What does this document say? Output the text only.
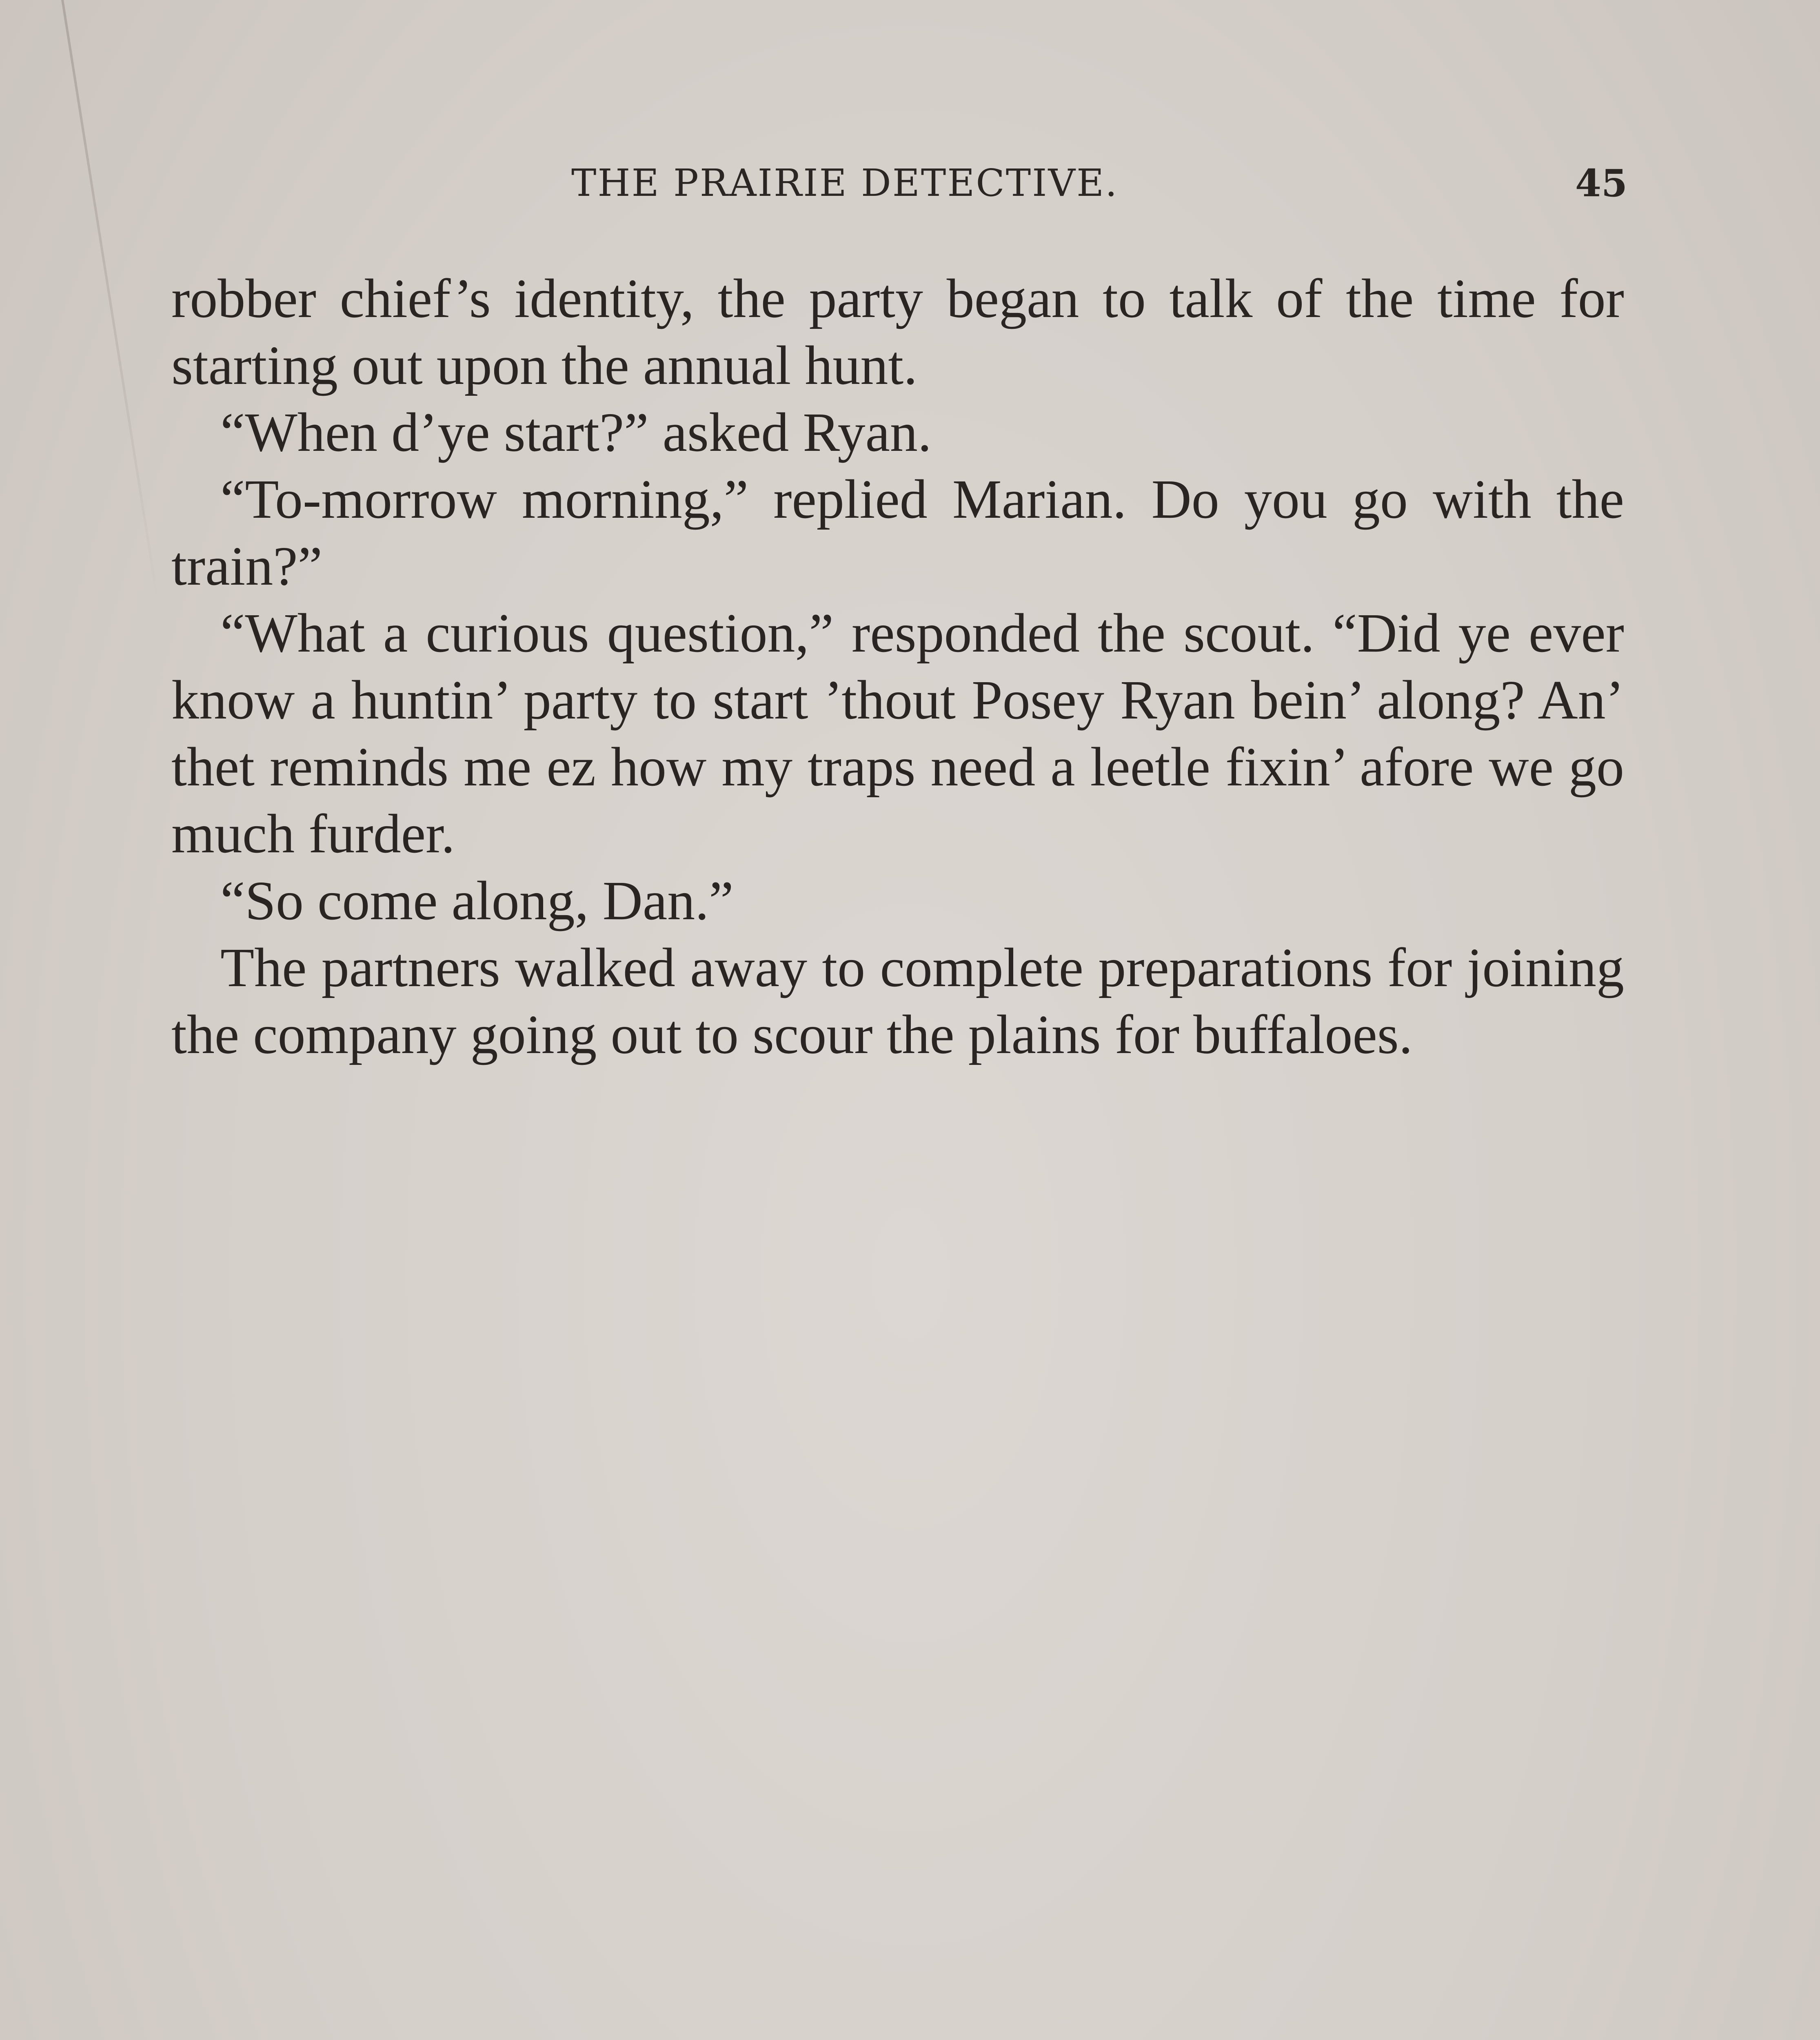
THE PRAIRIE DETECTIVE.	45

robber chief’s identity, the party began to talk of the time for starting out upon the annual hunt.

“When d’ye start?” asked Ryan.

“To-morrow morning,” replied Marian. Do you go with the train?”

“What a curious question,” responded the scout. “Did ye ever know a huntin’ party to start ’thout Posey Ryan bein’ along? An’ thet reminds me ez how my traps need a leetle fixin’ afore we go much furder.

“So come along, Dan.”

The partners walked away to complete preparations for joining the company going out to scour the plains for buffaloes.
